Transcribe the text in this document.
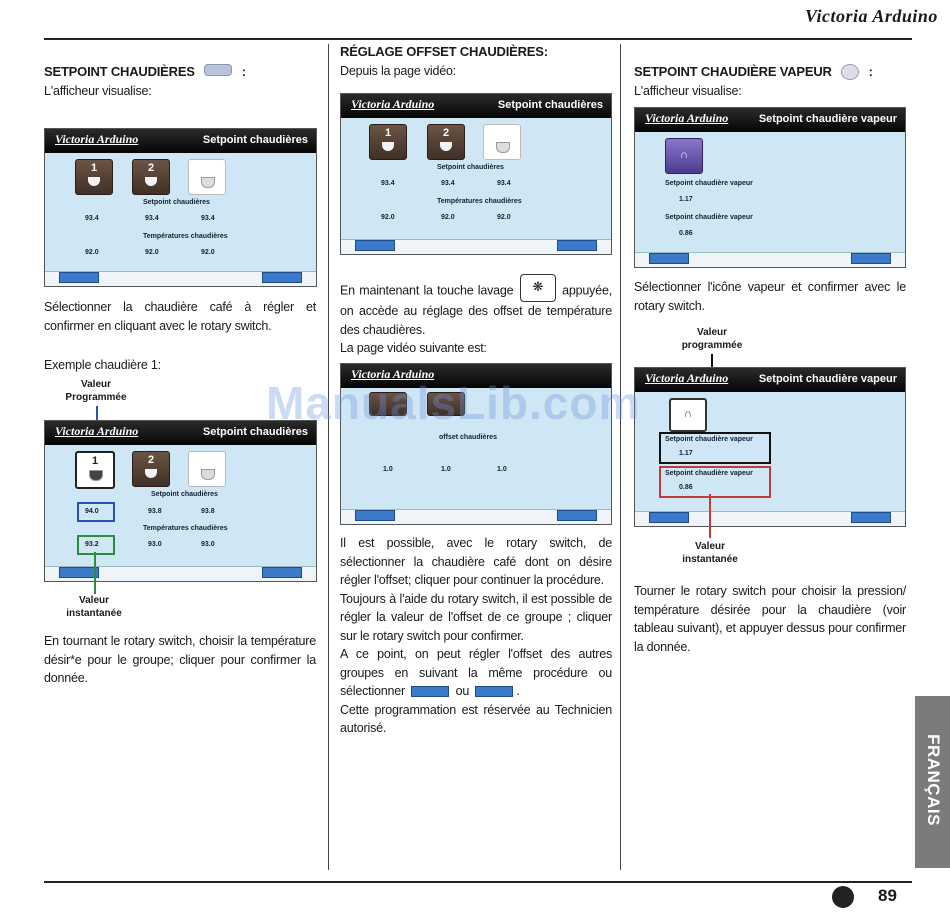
Victoria Arduino
SETPOINT CHAUDIÈRES	:
L'afficheur visualise:
Victoria Arduino	Setpoint chaudières
1	2
Setpoint chaudières
93.4	93.4	93.4
Températures chaudières
92.0	92.0	92.0
Sélectionner la chaudière café à régler et confirmer en cliquant avec le rotary switch.
Exemple chaudière 1:
Valeur
Programmée
Victoria Arduino	Setpoint chaudières
1	2
Setpoint chaudières
94.0	93.8	93.8
Températures chaudières
93.2	93.0	93.0
Valeur
instantanée
En tournant le rotary switch, choisir la température désir*e pour le groupe; cliquer pour confirmer la donnée.
RÉGLAGE OFFSET CHAUDIÈRES:
Depuis la page vidéo:
Victoria Arduino	Setpoint chaudières
1	2
Setpoint chaudières
93.4	93.4	93.4
Températures chaudières
92.0	92.0	92.0
En maintenant la touche lavage ❋ appuyée, on accède au réglage des offset de température des chaudières.
La page vidéo suivante est:
Victoria Arduino
offset chaudières
1.0	1.0	1.0
Il est possible, avec le rotary switch, de sélectionner la chaudière café dont on désire régler l'offset; cliquer pour continuer la procédure.
Toujours à l'aide du rotary switch, il est possible de régler la valeur de l'offset de ce groupe ; cliquer sur le rotary switch pour confirmer.
A ce point, on peut régler l'offset des autres groupes en suivant la même procédure ou sélectionner	ou	.
Cette programmation est réservée au Technicien autorisé.
SETPOINT CHAUDIÈRE VAPEUR	:
L'afficheur visualise:
Victoria Arduino	Setpoint chaudière vapeur
∩
Setpoint chaudière vapeur
1.17
Setpoint chaudière vapeur
0.86
Sélectionner l'icône vapeur et confirmer avec le rotary switch.
Valeur
programmée
Victoria Arduino	Setpoint chaudière vapeur
∩
Setpoint chaudière vapeur
1.17
Setpoint chaudière vapeur
0.86
Valeur
instantanée
Tourner le rotary switch pour choisir la pression/ température désirée pour la chaudière (voir tableau suivant), et appuyer dessus pour confirmer la donnée.
ManualsLib.com
FRANÇAIS
89
